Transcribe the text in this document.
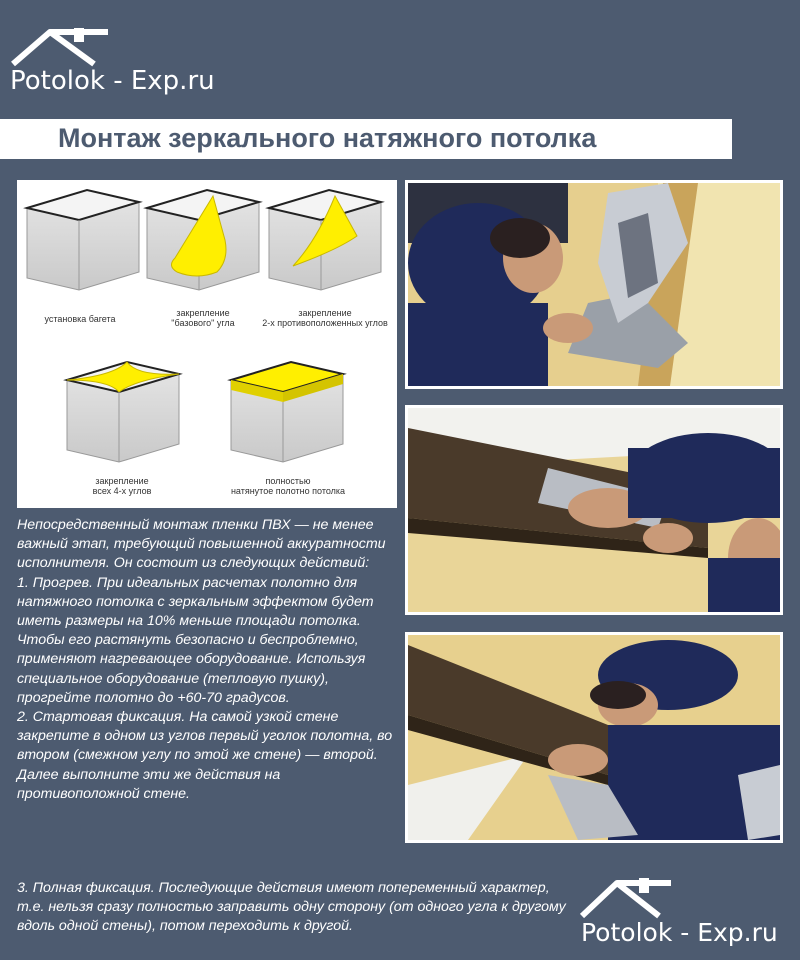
Potolok - Exp.ru
Монтаж зеркального натяжного потолка
установка багета
закрепление
"базового" угла
закрепление
2-х противоположенных углов
закрепление
всех 4-х углов
полностью
натянутое полотно потолка

Непосредственный монтаж пленки ПВХ — не менее важный этап, требующий повышенной аккуратности исполнителя. Он состоит из следующих действий:

1. Прогрев. При идеальных расчетах полотно для натяжного потолка с зеркальным эффектом будет иметь размеры на 10% меньше площади потолка. Чтобы его растянуть безопасно и беспроблемно, применяют нагревающее оборудование. Используя специальное оборудование (тепловую пушку), прогрейте полотно до +60-70 градусов.

2. Стартовая фиксация. На самой узкой стене закрепите в одном из углов первый уголок полотна, во втором (смежном углу по этой же стене) — второй. Далее выполните эти же действия на противоположной стене.

3. Полная фиксация. Последующие действия имеют попеременный характер, т.е. нельзя сразу полностью заправить одну сторону (от одного угла к другому вдоль одной стены), потом переходить к другой.	Potolok - Exp.ru
